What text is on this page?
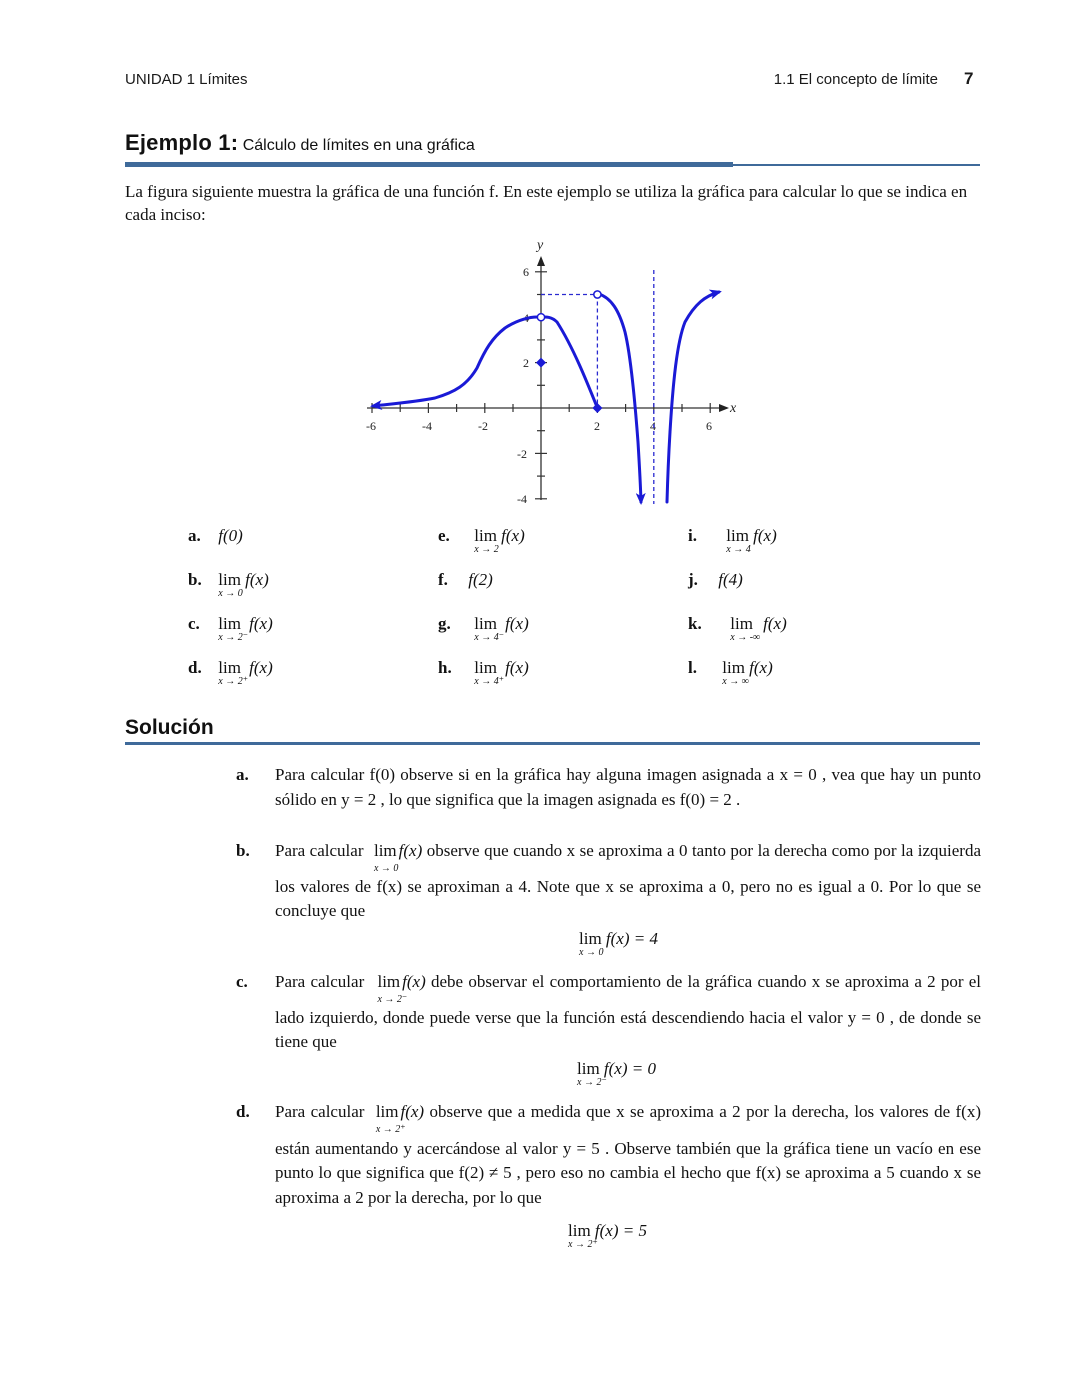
UNIDAD 1 Límites	1.1 El concepto de límite 7
Ejemplo 1: Cálculo de límites en una gráfica
La figura siguiente muestra la gráfica de una función f. En este ejemplo se utiliza la gráfica para calcular lo que se indica en cada inciso:
-6	-4	-2	2	4	6
6
4
2
-2
-4
x
y
a. f(0)
b. lim
x → 0
f(x)
c. lim
x → 2⁻
f(x)
d. lim
x → 2⁺
f(x)
e. lim
x → 2
f(x)
f. f(2)
g. lim
x → 4⁻
f(x)
h. lim
x → 4⁺
f(x)
i. lim
x → 4
f(x)
j. f(4)
k. lim
x → -∞
f(x)
l. lim
x → ∞
f(x)
Solución
a. Para calcular f(0) observe si en la gráfica hay alguna imagen asignada a x = 0 , vea que hay un punto sólido en y = 2 , lo que significa que la imagen asignada es f(0) = 2 .
b. Para calcular lim
x → 0
f(x) observe que cuando x se aproxima a 0 tanto por la derecha como por la izquierda los valores de f(x) se aproximan a 4. Note que x se aproxima a 0, pero no es igual a 0. Por lo que se concluye que
lim
x → 0
f(x) = 4
c. Para calcular lim
x → 2⁻
f(x) debe observar el comportamiento de la gráfica cuando x se aproxima a 2 por el lado izquierdo, donde puede verse que la función está descendiendo hacia el valor y = 0 , de donde se tiene que
lim
x → 2⁻
f(x) = 0
d. Para calcular lim
x → 2⁺
f(x) observe que a medida que x se aproxima a 2 por la derecha, los valores de f(x) están aumentando y acercándose al valor y = 5 . Observe también que la gráfica tiene un vacío en ese punto lo que significa que f(2) ≠ 5 , pero eso no cambia el hecho que f(x) se aproxima a 5 cuando x se aproxima a 2 por la derecha, por lo que
lim
x → 2⁺
f(x) = 5
